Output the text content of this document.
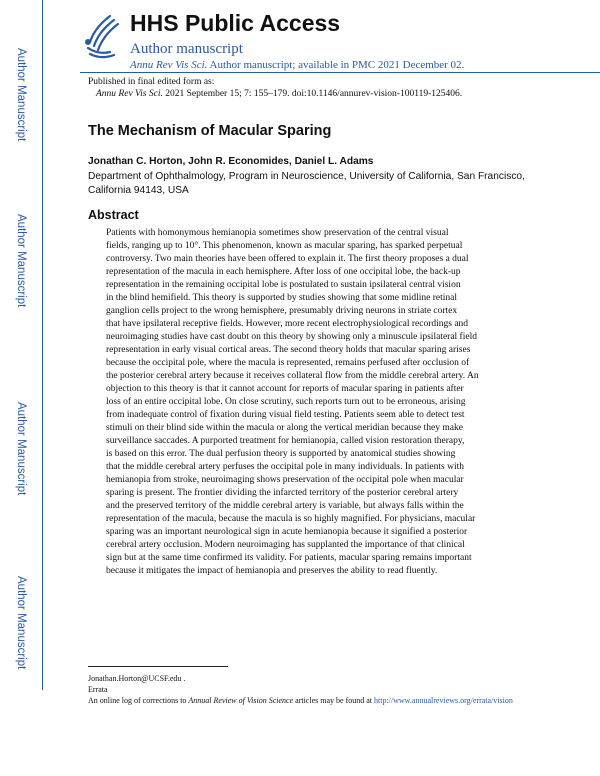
Author Manuscript
Author Manuscript
Author Manuscript
Author Manuscript
HHS Public Access
Author manuscript
Annu Rev Vis Sci. Author manuscript; available in PMC 2021 December 02.
Published in final edited form as:
Annu Rev Vis Sci. 2021 September 15; 7: 155–179. doi:10.1146/annurev-vision-100119-125406.
The Mechanism of Macular Sparing
Jonathan C. Horton, John R. Economides, Daniel L. Adams
Department of Ophthalmology, Program in Neuroscience, University of California, San Francisco, California 94143, USA
Abstract
Patients with homonymous hemianopia sometimes show preservation of the central visual
fields, ranging up to 10°. This phenomenon, known as macular sparing, has sparked perpetual
controversy. Two main theories have been offered to explain it. The first theory proposes a dual
representation of the macula in each hemisphere. After loss of one occipital lobe, the back-up
representation in the remaining occipital lobe is postulated to sustain ipsilateral central vision
in the blind hemifield. This theory is supported by studies showing that some midline retinal
ganglion cells project to the wrong hemisphere, presumably driving neurons in striate cortex
that have ipsilateral receptive fields. However, more recent electrophysiological recordings and
neuroimaging studies have cast doubt on this theory by showing only a minuscule ipsilateral field
representation in early visual cortical areas. The second theory holds that macular sparing arises
because the occipital pole, where the macula is represented, remains perfused after occlusion of
the posterior cerebral artery because it receives collateral flow from the middle cerebral artery. An
objection to this theory is that it cannot account for reports of macular sparing in patients after
loss of an entire occipital lobe. On close scrutiny, such reports turn out to be erroneous, arising
from inadequate control of fixation during visual field testing. Patients seem able to detect test
stimuli on their blind side within the macula or along the vertical meridian because they make
surveillance saccades. A purported treatment for hemianopia, called vision restoration therapy,
is based on this error. The dual perfusion theory is supported by anatomical studies showing
that the middle cerebral artery perfuses the occipital pole in many individuals. In patients with
hemianopia from stroke, neuroimaging shows preservation of the occipital pole when macular
sparing is present. The frontier dividing the infarcted territory of the posterior cerebral artery
and the preserved territory of the middle cerebral artery is variable, but always falls within the
representation of the macula, because the macula is so highly magnified. For physicians, macular
sparing was an important neurological sign in acute hemianopia because it signified a posterior
cerebral artery occlusion. Modern neuroimaging has supplanted the importance of that clinical
sign but at the same time confirmed its validity. For patients, macular sparing remains important
because it mitigates the impact of hemianopia and preserves the ability to read fluently.
Jonathan.Horton@UCSF.edu .
Errata
An online log of corrections to Annual Review of Vision Science articles may be found at http://www.annualreviews.org/errata/vision
